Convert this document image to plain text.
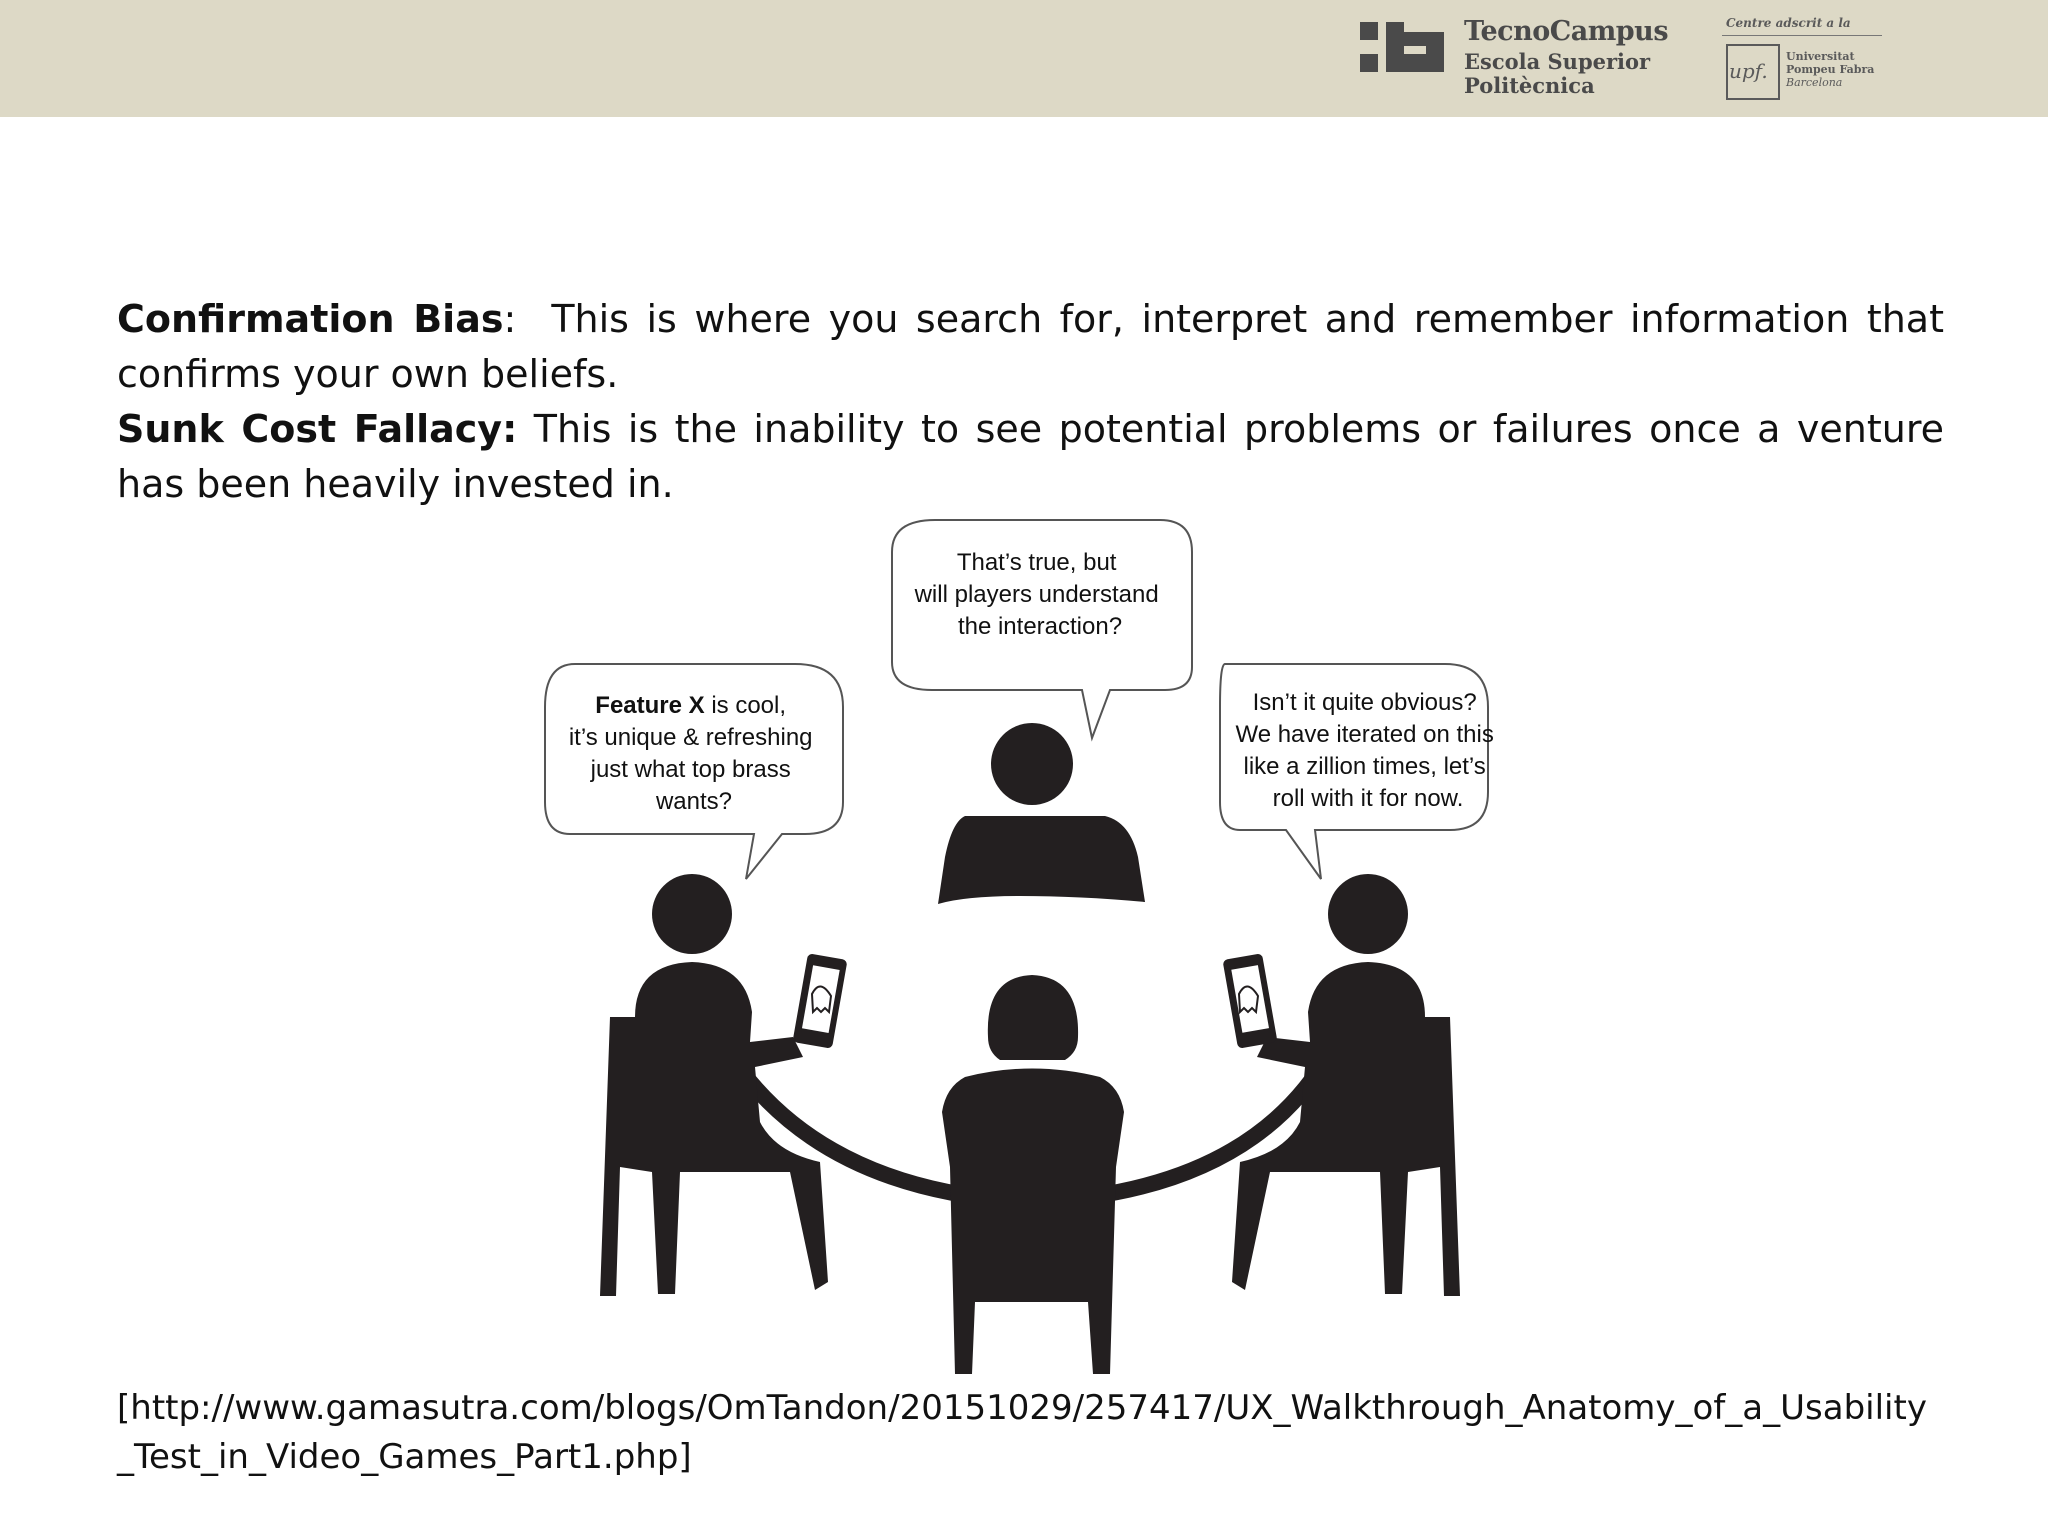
TecnoCampus
Escola Superior
Politècnica
Centre adscrit a la
upf.
Universitat
Pompeu Fabra
Barcelona

Confirmation Bias:  This is where you search for, interpret and remember information that confirms your own beliefs.

Sunk Cost Fallacy: This is the inability to see potential problems or failures once a venture has been heavily invested in.

That’s true, but will players understand the interaction?
Feature X is cool, it’s unique & refreshing just what top brass wants?
Isn’t it quite obvious? We have iterated on this like a zillion times, let’s roll with it for now.
[http://www.gamasutra.com/blogs/OmTandon/20151029/257417/UX_Walkthrough_Anatomy_of_a_Usability
_Test_in_Video_Games_Part1.php]
